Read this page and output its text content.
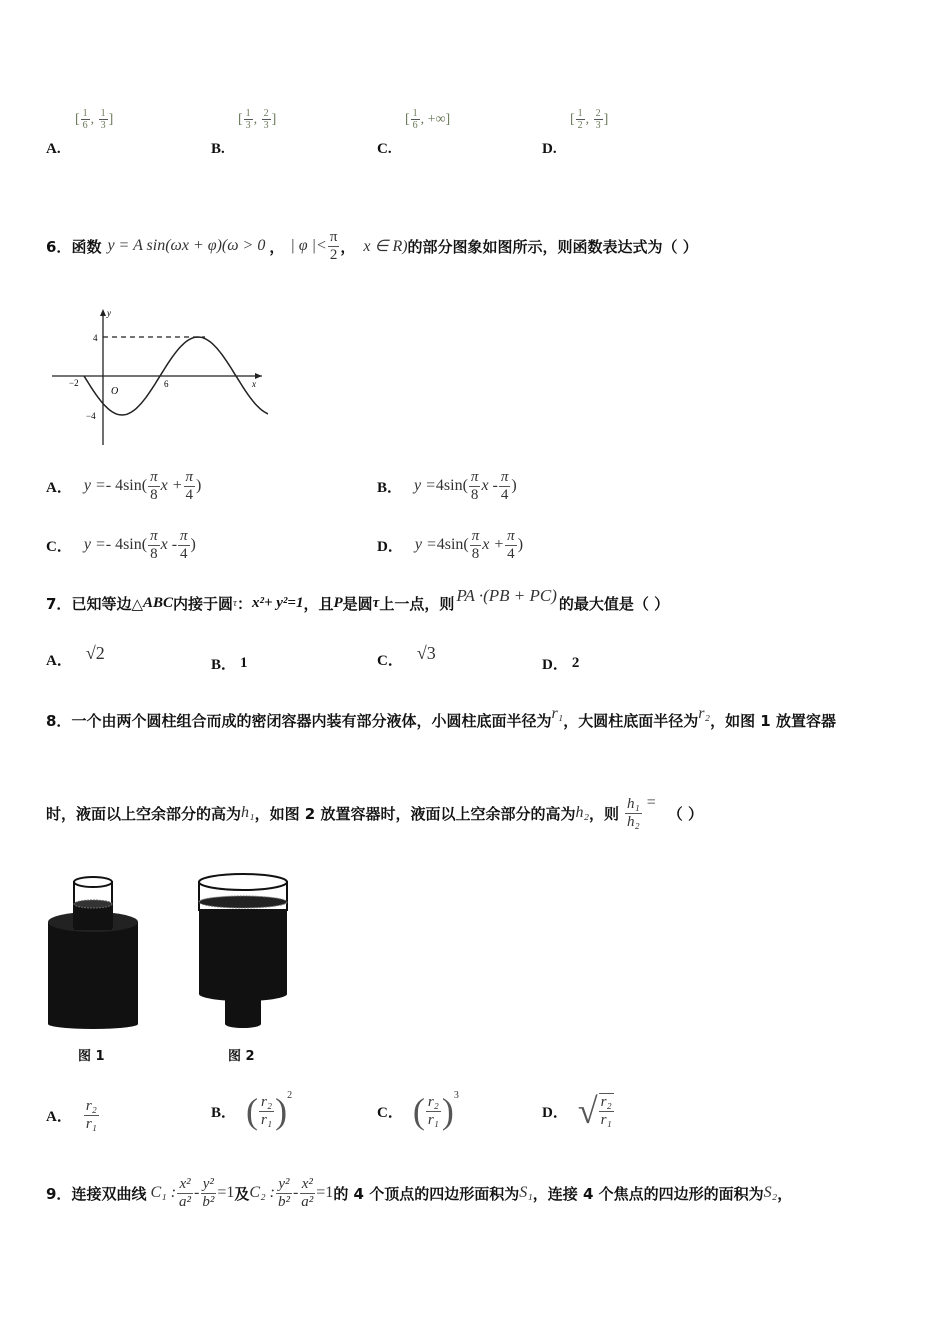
[ $\frac{1}{6}$ , $\frac{1}{3}$ ]
A.
[ $\frac{1}{3}$ , $\frac{2}{3}$ ]
B.
[ $\frac{1}{6}$ , +∞]
C.
[ $\frac{1}{2}$ , $\frac{2}{3}$ ]
D.
6． 函数 y = A sin(ωx + φ)(ω > 0 ， | φ |< $\frac{\pi}{2}$ ， x ∈ R) 的部分图象如图所示，则函数表达式为（ ）
y
x
4
−4
−2	6
O
A． y = - $4\sin( \frac{\pi}{8}$ $x + \frac{\pi}{4}$ )	B． $y = 4\sin( \frac{\pi}{8}$ x - $\frac{\pi}{4}$ )
C． y = - $4\sin( \frac{\pi}{8}$ x - $\frac{\pi}{4}$ )	D． $y = 4\sin( \frac{\pi}{8}$ $x + \frac{\pi}{4}$ )
7． 已知等边△ ABC 内接于圆 τ ： x²+ y²=1 ，且 P 是圆 τ 上一点，则 PA ·(PB + PC) 的最大值是（ ）
A． √2
B． 1	C． √3
D． 2
8． 一个由两个圆柱组合而成的密闭容器内装有部分液体，小圆柱底面半径为 r₁ ，大圆柱底面半径为 r₂ ，如图 1 放置容器
时，液面以上空余部分的高为 h₁ ，如图 2 放置容器时，液面以上空余部分的高为 h₂ ，则 $\frac{\text{h₁}}{\text{h₂}}$ =
（ ）
图 1	图 2
A． $\frac{\text{r₂}}{\text{r₁}}$	B． ( $\frac{\text{r₂}}{\text{r₁}} )^2$
C． ( $\frac{\text{r₂}}{\text{r₁}} )^3$
D． √ $\frac{\text{r₂}}{\text{r₁}}$
9． 连接双曲线 C₁ : $\frac{\text{x²}}{\text{a²}} - \frac{\text{y²}}{\text{b²}} =1$ 及 C₂ : $\frac{\text{y²}}{\text{b²}} - \frac{\text{x²}}{\text{a²}} =1$ 的 4 个顶点的四边形面积为 S₁ ，连接 4 个焦点的四边形的面积为 S₂ ，
